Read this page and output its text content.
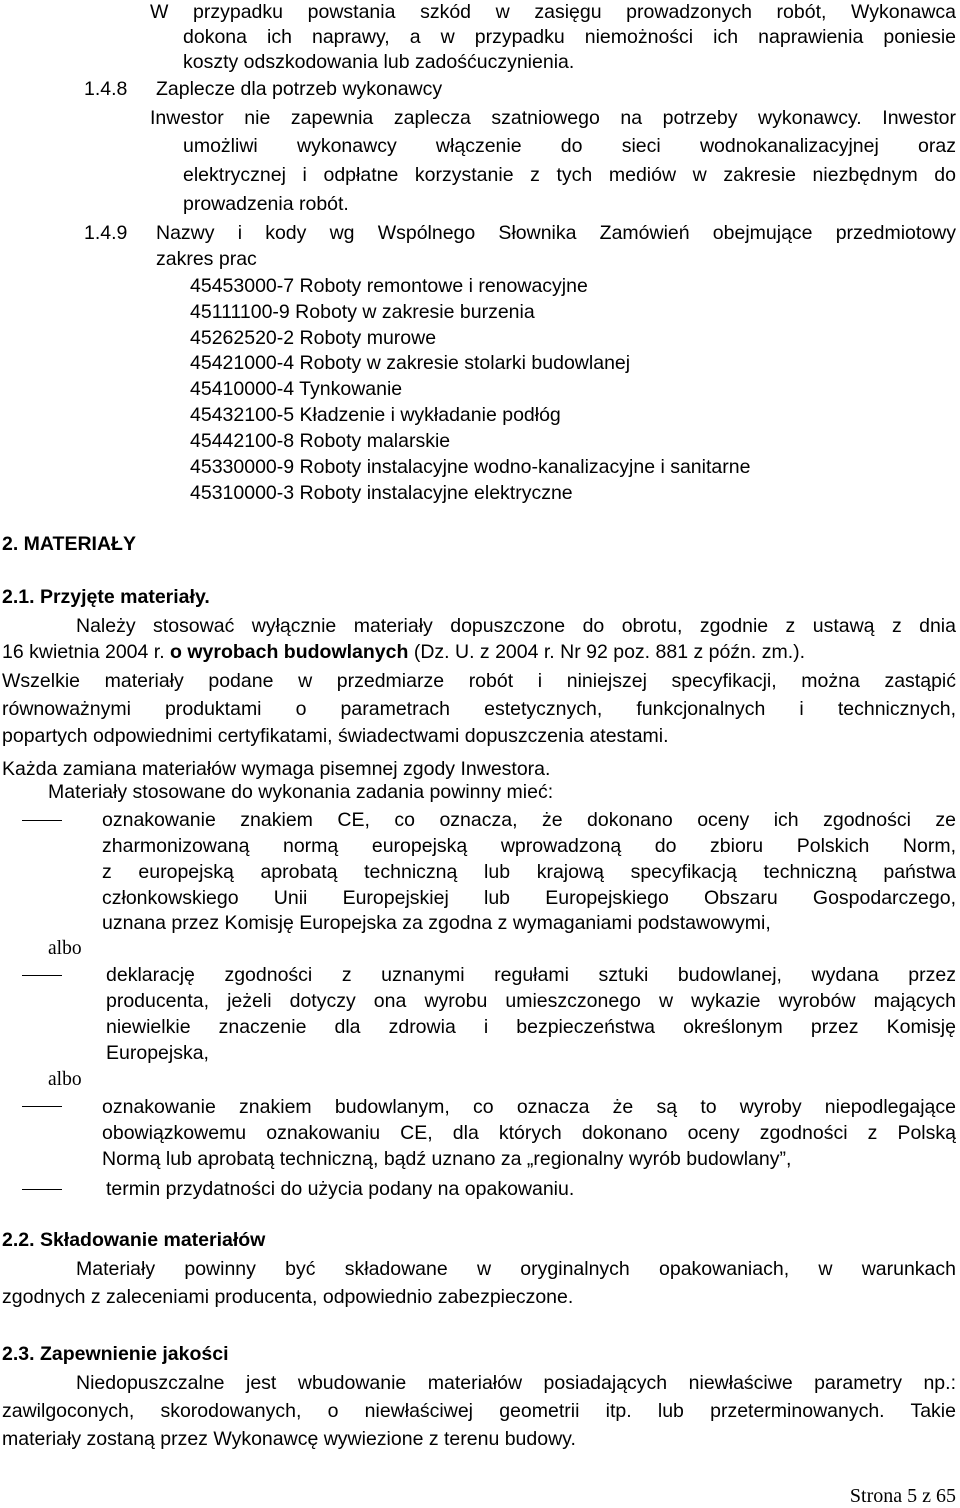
W przypadku powstania szkód w zasięgu prowadzonych robót, Wykonawca
dokona ich naprawy, a w przypadku niemożności ich naprawienia poniesie
koszty odszkodowania lub zadośćuczynienia.
1.4.8 Zaplecze dla potrzeb wykonawcy
Inwestor nie zapewnia zaplecza szatniowego na potrzeby wykonawcy. Inwestor
umożliwi wykonawcy włączenie do sieci wodnokanalizacyjnej oraz
elektrycznej i odpłatne korzystanie z tych mediów w zakresie niezbędnym do
prowadzenia robót.
1.4.9 Nazwy i kody wg Wspólnego Słownika Zamówień obejmujące przedmiotowy
zakres prac
45453000-7 Roboty remontowe i renowacyjne
45111100-9 Roboty w zakresie burzenia
45262520-2 Roboty murowe
45421000-4 Roboty w zakresie stolarki budowlanej
45410000-4 Tynkowanie
45432100-5 Kładzenie i wykładanie podłóg
45442100-8 Roboty malarskie
45330000-9 Roboty instalacyjne wodno-kanalizacyjne i sanitarne
45310000-3 Roboty instalacyjne elektryczne
2. MATERIAŁY
2.1. Przyjęte materiały.
Należy stosować wyłącznie materiały dopuszczone do obrotu, zgodnie z ustawą z dnia
16 kwietnia 2004 r. o wyrobach budowlanych (Dz. U. z 2004 r. Nr 92 poz. 881 z późn. zm.).
Wszelkie materiały podane w przedmiarze robót i niniejszej specyfikacji, można zastąpić
równoważnymi produktami o parametrach estetycznych, funkcjonalnych i technicznych,
popartych odpowiednimi certyfikatami, świadectwami dopuszczenia atestami.
Każda zamiana materiałów wymaga pisemnej zgody Inwestora.
Materiały stosowane do wykonania zadania powinny mieć:
oznakowanie znakiem CE, co oznacza, że dokonano oceny ich zgodności ze
zharmonizowaną normą europejską wprowadzoną do zbioru Polskich Norm,
z europejską aprobatą techniczną lub krajową specyfikacją techniczną państwa
członkowskiego Unii Europejskiej lub Europejskiego Obszaru Gospodarczego,
uznana przez Komisję Europejska za zgodna z wymaganiami podstawowymi,
albo
deklarację zgodności z uznanymi regułami sztuki budowlanej, wydana przez
producenta, jeżeli dotyczy ona wyrobu umieszczonego w wykazie wyrobów mających
niewielkie znaczenie dla zdrowia i bezpieczeństwa określonym przez Komisję
Europejska,
albo
oznakowanie znakiem budowlanym, co oznacza że są to wyroby niepodlegające
obowiązkowemu oznakowaniu CE, dla których dokonano oceny zgodności z Polską
Normą lub aprobatą techniczną, bądź uznano za „regionalny wyrób budowlany”,
termin przydatności do użycia podany na opakowaniu.
2.2. Składowanie materiałów
Materiały powinny być składowane w oryginalnych opakowaniach, w warunkach
zgodnych z zaleceniami producenta, odpowiednio zabezpieczone.
2.3. Zapewnienie jakości
Niedopuszczalne jest wbudowanie materiałów posiadających niewłaściwe parametry np.:
zawilgoconych, skorodowanych, o niewłaściwej geometrii itp. lub przeterminowanych. Takie
materiały zostaną przez Wykonawcę wywiezione z terenu budowy.
Strona 5 z 65
